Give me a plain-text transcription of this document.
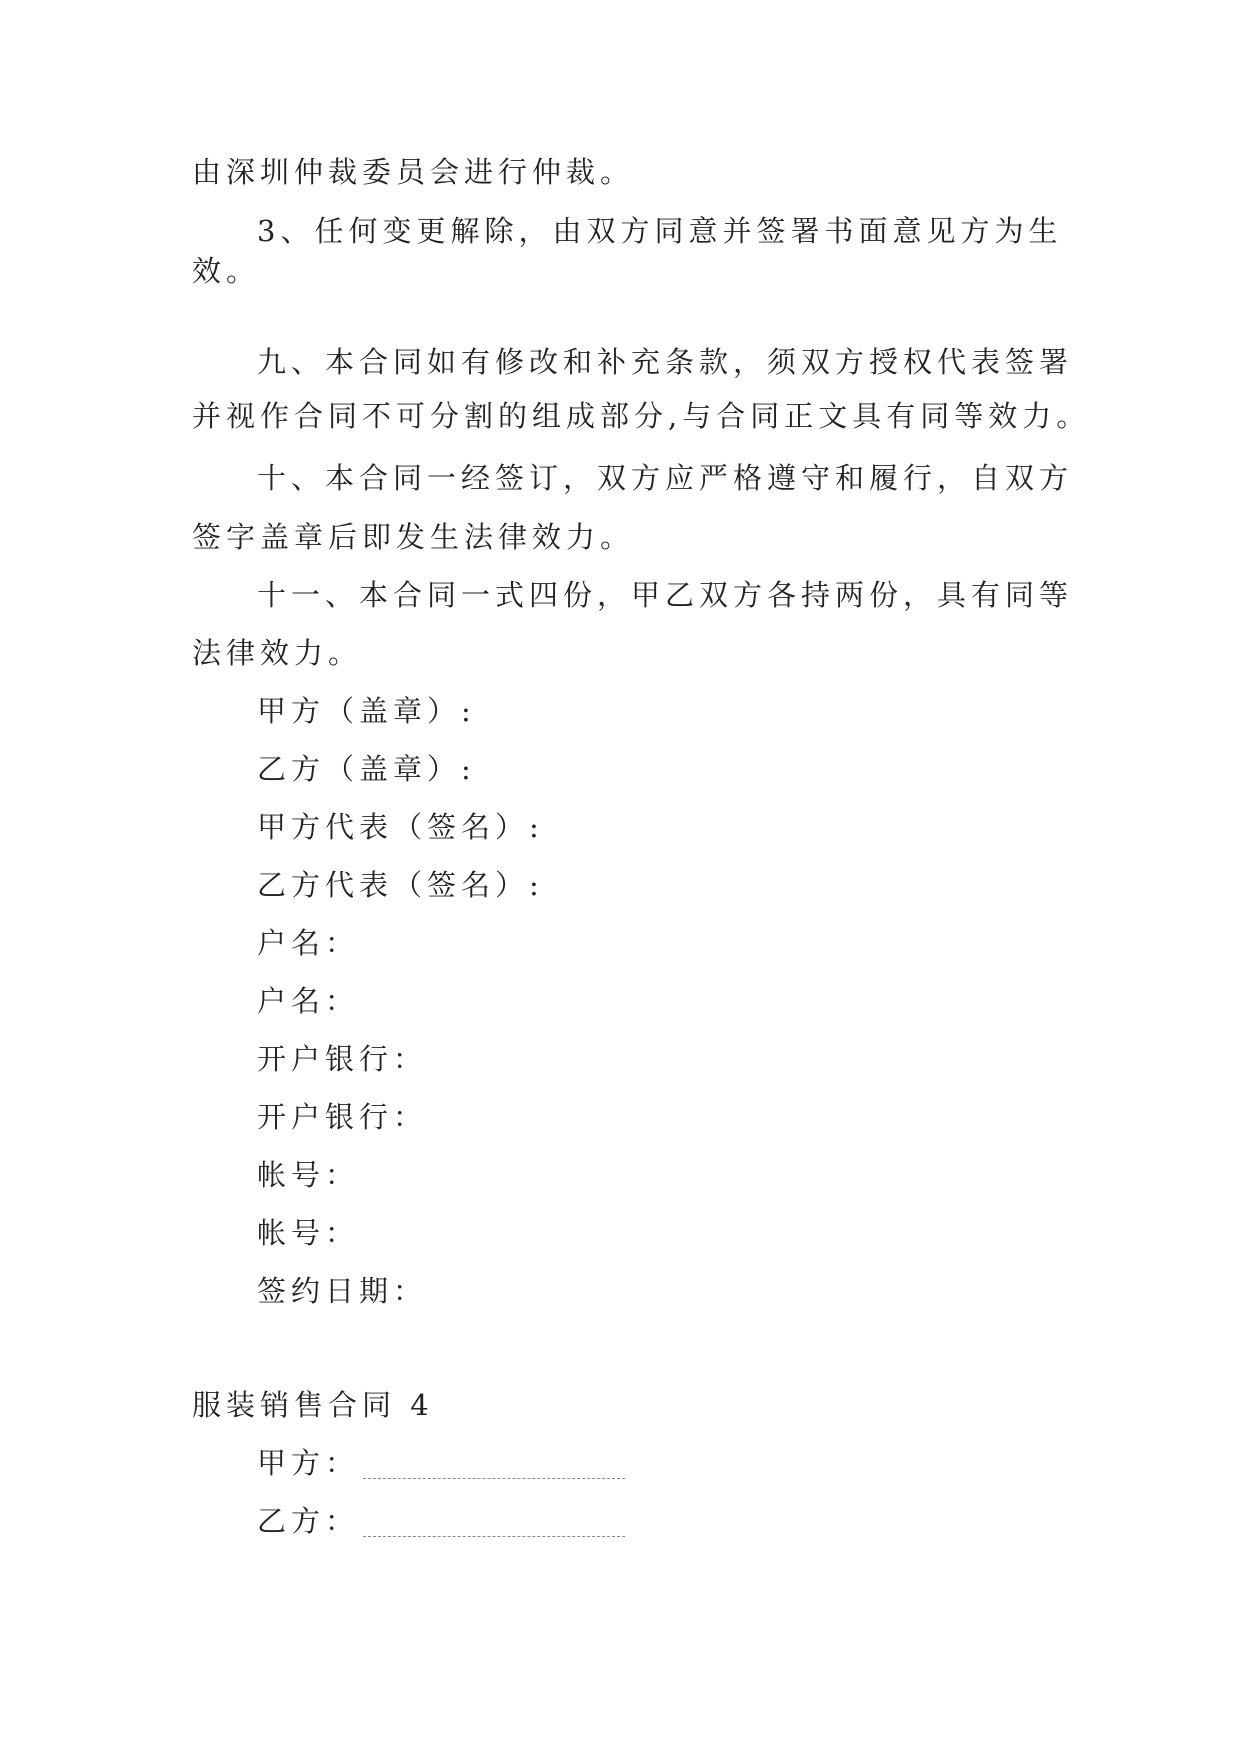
由深圳仲裁委员会进行仲裁。
3、任何变更解除，由双方同意并签署书面意见方为生
效。
九、本合同如有修改和补充条款，须双方授权代表签署
并视作合同不可分割的组成部分,与合同正文具有同等效力。
十、本合同一经签订，双方应严格遵守和履行，自双方
签字盖章后即发生法律效力。
十一、本合同一式四份，甲乙双方各持两份，具有同等
法律效力。
甲方（盖章）:
乙方（盖章）:
甲方代表（签名）:
乙方代表（签名）:
户名：
户名：
开户银行：
开户银行：
帐号：
帐号：
签约日期：
服装销售合同 4
甲方：
乙方：
